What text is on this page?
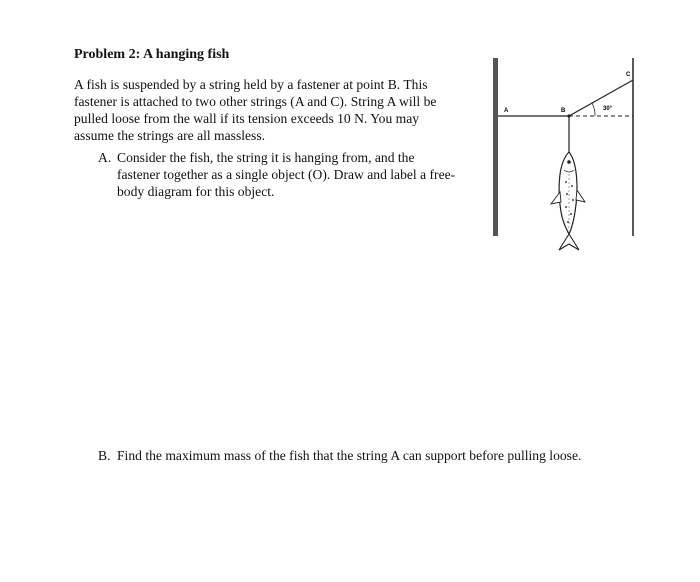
Problem 2: A hanging fish

A fish is suspended by a string held by a fastener at point B. This fastener is attached to two other strings (A and C). String A will be pulled loose from the wall if its tension exceeds 10 N. You may assume the strings are all massless.

A. Consider the fish, the string it is hanging from, and the fastener together as a single object (O). Draw and label a free-body diagram for this object.
B. Find the maximum mass of the fish that the string A can support before pulling loose.
A	B
C
30°
